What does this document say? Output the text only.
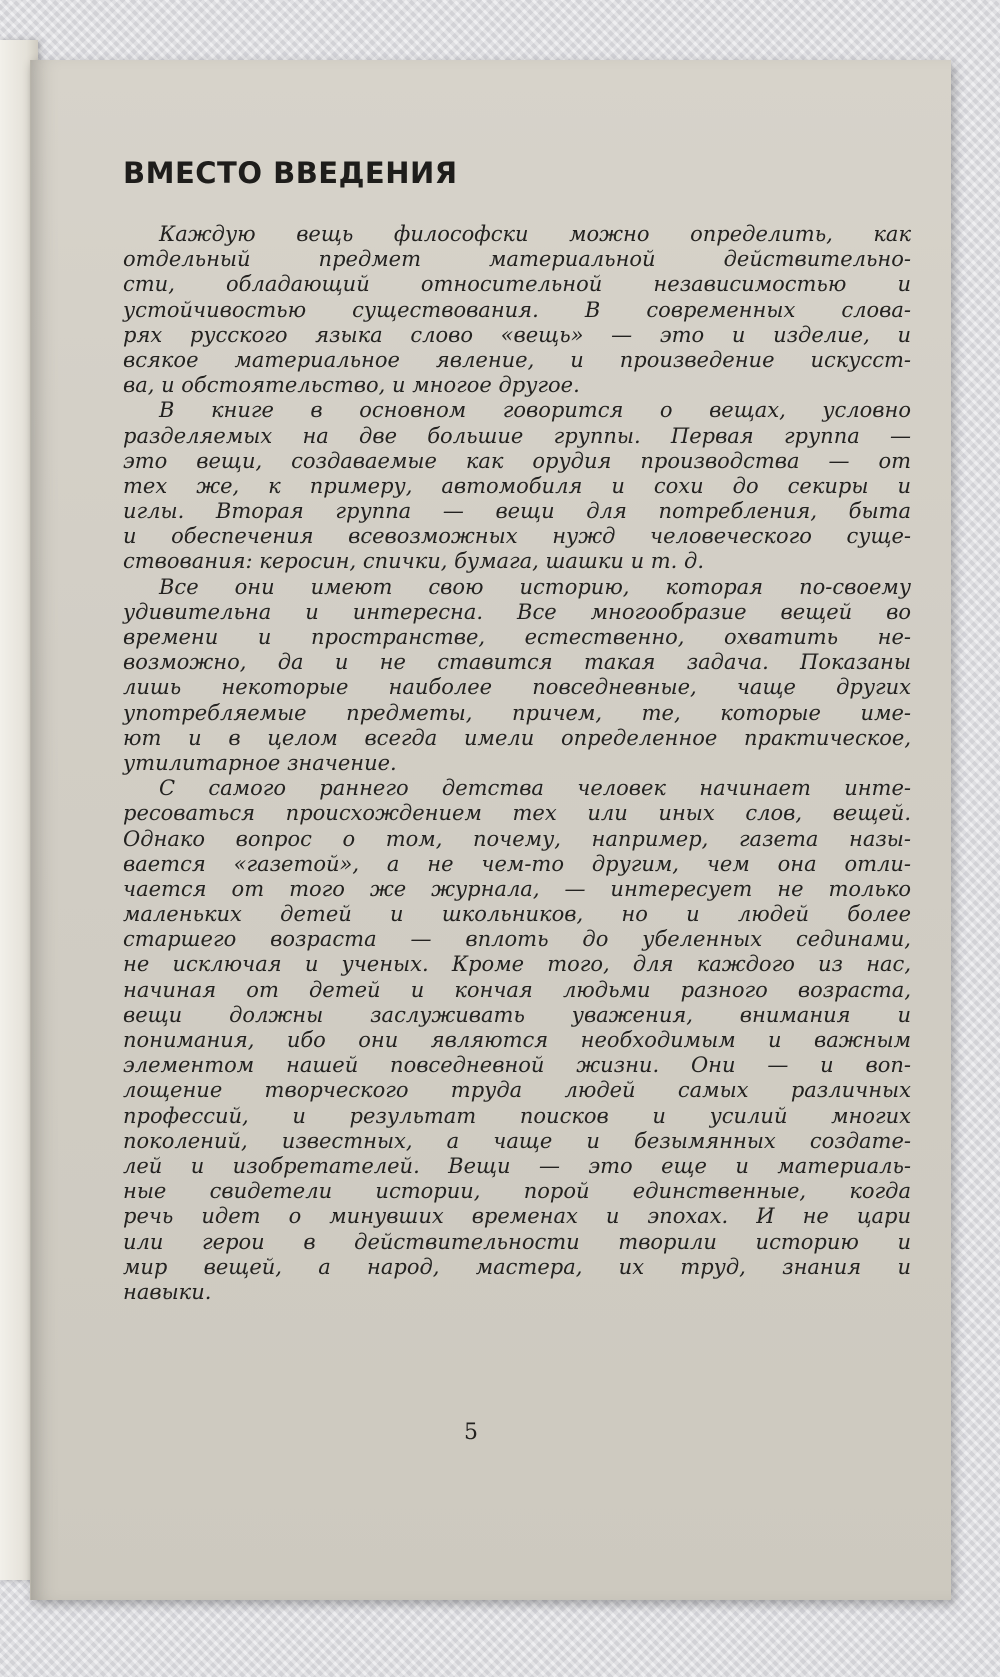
ВМЕСТО ВВЕДЕНИЯ
Каждую вещь философски можно определить, как
отдельный предмет материальной действительно-
сти, обладающий относительной независимостью и
устойчивостью существования. В современных слова-
рях русского языка слово «вещь» — это и изделие, и
всякое материальное явление, и произведение искусст-
ва, и обстоятельство, и многое другое.
В книге в основном говорится о вещах, условно
разделяемых на две большие группы. Первая группа —
это вещи, создаваемые как орудия производства — от
тех же, к примеру, автомобиля и сохи до секиры и
иглы. Вторая группа — вещи для потребления, быта
и обеспечения всевозможных нужд человеческого суще-
ствования: керосин, спички, бумага, шашки и т. д.
Все они имеют свою историю, которая по-своему
удивительна и интересна. Все многообразие вещей во
времени и пространстве, естественно, охватить не-
возможно, да и не ставится такая задача. Показаны
лишь некоторые наиболее повседневные, чаще других
употребляемые предметы, причем, те, которые име-
ют и в целом всегда имели определенное практическое,
утилитарное значение.
С самого раннего детства человек начинает инте-
ресоваться происхождением тех или иных слов, вещей.
Однако вопрос о том, почему, например, газета назы-
вается «газетой», а не чем-то другим, чем она отли-
чается от того же журнала, — интересует не только
маленьких детей и школьников, но и людей более
старшего возраста — вплоть до убеленных сединами,
не исключая и ученых. Кроме того, для каждого из нас,
начиная от детей и кончая людьми разного возраста,
вещи должны заслуживать уважения, внимания и
понимания, ибо они являются необходимым и важным
элементом нашей повседневной жизни. Они — и воп-
лощение творческого труда людей самых различных
профессий, и результат поисков и усилий многих
поколений, известных, а чаще и безымянных создате-
лей и изобретателей. Вещи — это еще и материаль-
ные свидетели истории, порой единственные, когда
речь идет о минувших временах и эпохах. И не цари
или герои в действительности творили историю и
мир вещей, а народ, мастера, их труд, знания и
навыки.
5
